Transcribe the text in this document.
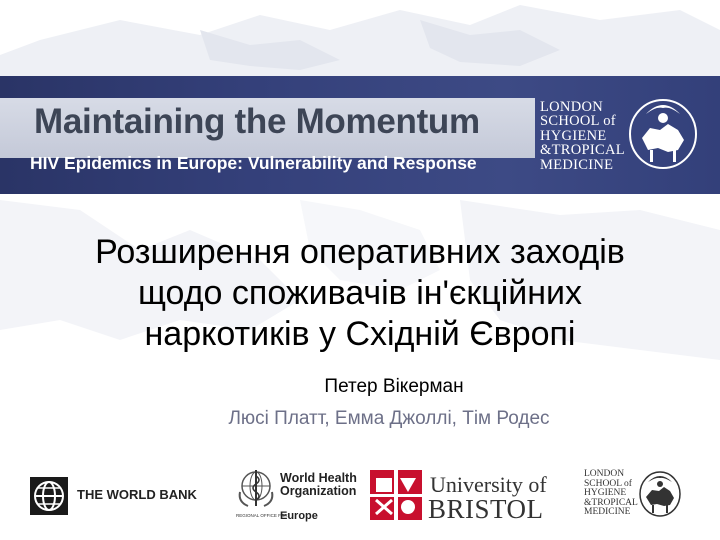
Maintaining the Momentum
HIV Epidemics in Europe: Vulnerability and Response
LONDON
SCHOOL of
HYGIENE
&TROPICAL
MEDICINE
Розширення оперативних заходів
щодо споживачів ін'єкційних
наркотиків у Східній Європі
Петер Вікерман
Люсі Платт, Емма Джоллі, Тім Родес
THE WORLD BANK
World Health
Organization
REGIONAL OFFICE FOR
Europe
University of
BRISTOL
LONDON
SCHOOL of
HYGIENE
&TROPICAL
MEDICINE
